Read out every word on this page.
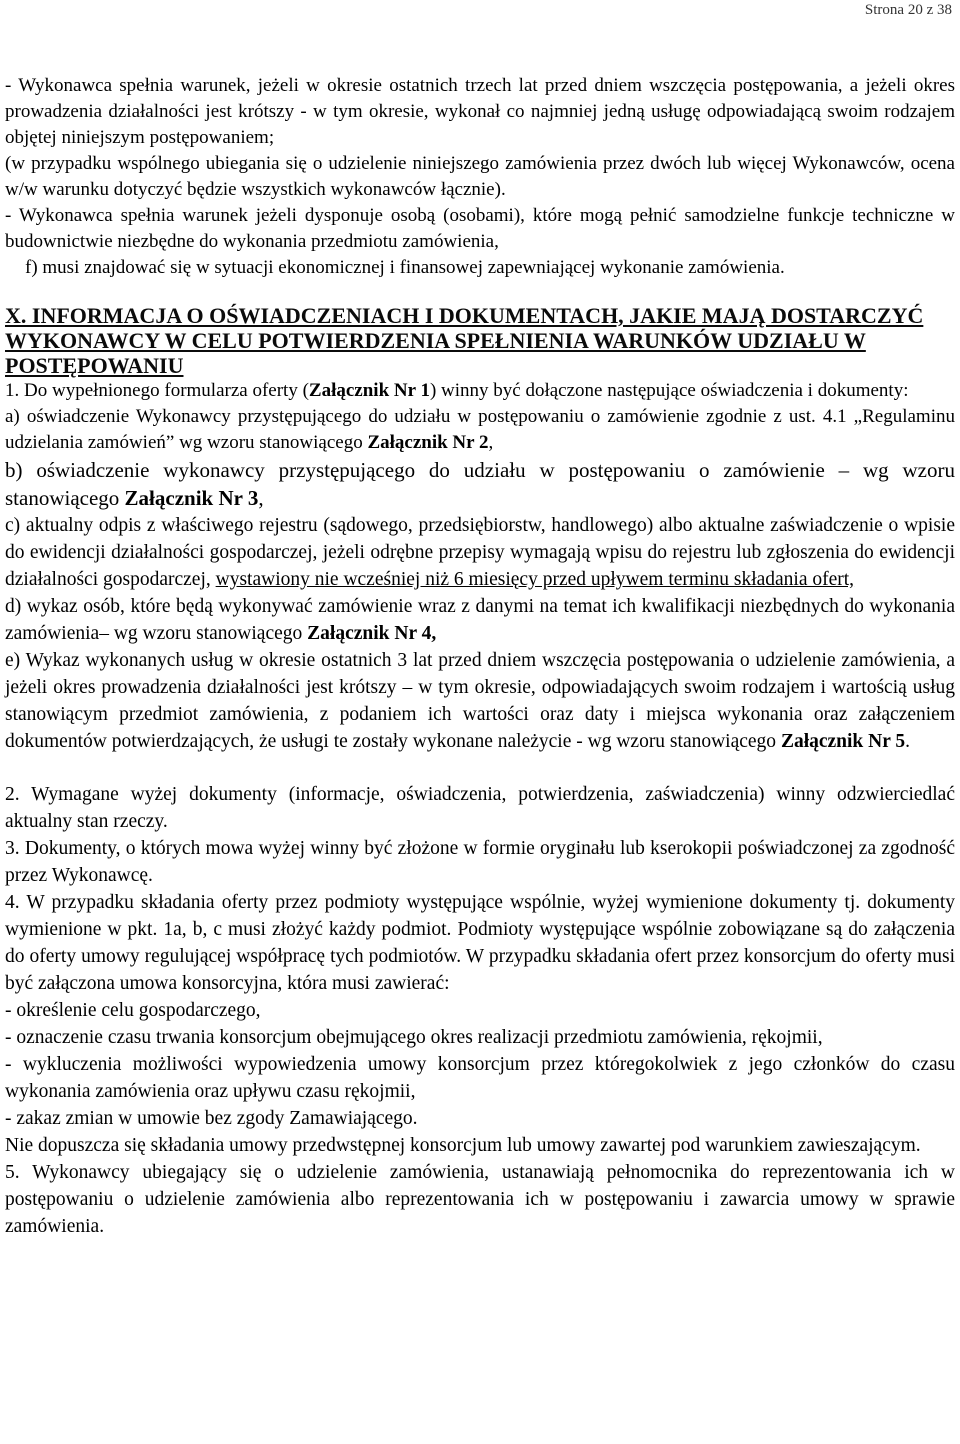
Strona 20 z 38

- Wykonawca spełnia warunek, jeżeli w okresie ostatnich trzech lat przed dniem wszczęcia postępowania, a jeżeli okres prowadzenia działalności jest krótszy - w tym okresie, wykonał co najmniej jedną usługę odpowiadającą swoim rodzajem objętej niniejszym postępowaniem;

(w przypadku wspólnego ubiegania się o udzielenie niniejszego zamówienia przez dwóch lub więcej Wykonawców, ocena w/w warunku dotyczyć będzie wszystkich wykonawców łącznie).

- Wykonawca spełnia warunek jeżeli dysponuje osobą (osobami), które mogą pełnić samodzielne funkcje techniczne w budownictwie niezbędne do wykonania przedmiotu zamówienia,

f) musi znajdować się w sytuacji ekonomicznej i finansowej zapewniającej wykonanie zamówienia.

X. INFORMACJA O OŚWIADCZENIACH I DOKUMENTACH, JAKIE MAJĄ DOSTARCZYĆ WYKONAWCY W CELU POTWIERDZENIA SPEŁNIENIA WARUNKÓW UDZIAŁU W POSTĘPOWANIU

1. Do wypełnionego formularza oferty (Załącznik Nr 1) winny być dołączone następujące oświadczenia i dokumenty:

a) oświadczenie Wykonawcy przystępującego do udziału w postępowaniu o zamówienie zgodnie z ust. 4.1 „Regulaminu udzielania zamówień” wg wzoru stanowiącego Załącznik Nr 2,

b) oświadczenie wykonawcy przystępującego do udziału w postępowaniu o zamówienie – wg wzoru stanowiącego Załącznik Nr 3,

c) aktualny odpis z właściwego rejestru (sądowego, przedsiębiorstw, handlowego) albo aktualne zaświadczenie o wpisie do ewidencji działalności gospodarczej, jeżeli odrębne przepisy wymagają wpisu do rejestru lub zgłoszenia do ewidencji działalności gospodarczej, wystawiony nie wcześniej niż 6 miesięcy przed upływem terminu składania ofert,

d) wykaz osób, które będą wykonywać zamówienie wraz z danymi na temat ich kwalifikacji niezbędnych do wykonania zamówienia– wg wzoru stanowiącego Załącznik Nr 4,

e) Wykaz wykonanych usług w okresie ostatnich 3 lat przed dniem wszczęcia postępowania o udzielenie zamówienia, a jeżeli okres prowadzenia działalności jest krótszy – w tym okresie, odpowiadających swoim rodzajem i wartością usług stanowiącym przedmiot zamówienia, z podaniem ich wartości oraz daty i miejsca wykonania oraz załączeniem dokumentów potwierdzających, że usługi te zostały wykonane należycie - wg wzoru stanowiącego Załącznik Nr 5.

2. Wymagane wyżej dokumenty (informacje, oświadczenia, potwierdzenia, zaświadczenia) winny odzwierciedlać aktualny stan rzeczy.

3. Dokumenty, o których mowa wyżej winny być złożone w formie oryginału lub kserokopii poświadczonej za zgodność przez Wykonawcę.

4. W przypadku składania oferty przez podmioty występujące wspólnie, wyżej wymienione dokumenty tj. dokumenty wymienione w pkt. 1a, b, c musi złożyć każdy podmiot. Podmioty występujące wspólnie zobowiązane są do załączenia do oferty umowy regulującej współpracę tych podmiotów. W przypadku składania ofert przez konsorcjum do oferty musi być załączona umowa konsorcyjna, która musi zawierać:

- określenie celu gospodarczego,

- oznaczenie czasu trwania konsorcjum obejmującego okres realizacji przedmiotu zamówienia, rękojmii,

- wykluczenia możliwości wypowiedzenia umowy konsorcjum przez któregokolwiek z jego członków do czasu wykonania zamówienia oraz upływu czasu rękojmii,

- zakaz zmian w umowie bez zgody Zamawiającego.

Nie dopuszcza się składania umowy przedwstępnej konsorcjum lub umowy zawartej pod warunkiem zawieszającym.

5. Wykonawcy ubiegający się o udzielenie zamówienia, ustanawiają pełnomocnika do reprezentowania ich w postępowaniu o udzielenie zamówienia albo reprezentowania ich w postępowaniu i zawarcia umowy w sprawie zamówienia.
